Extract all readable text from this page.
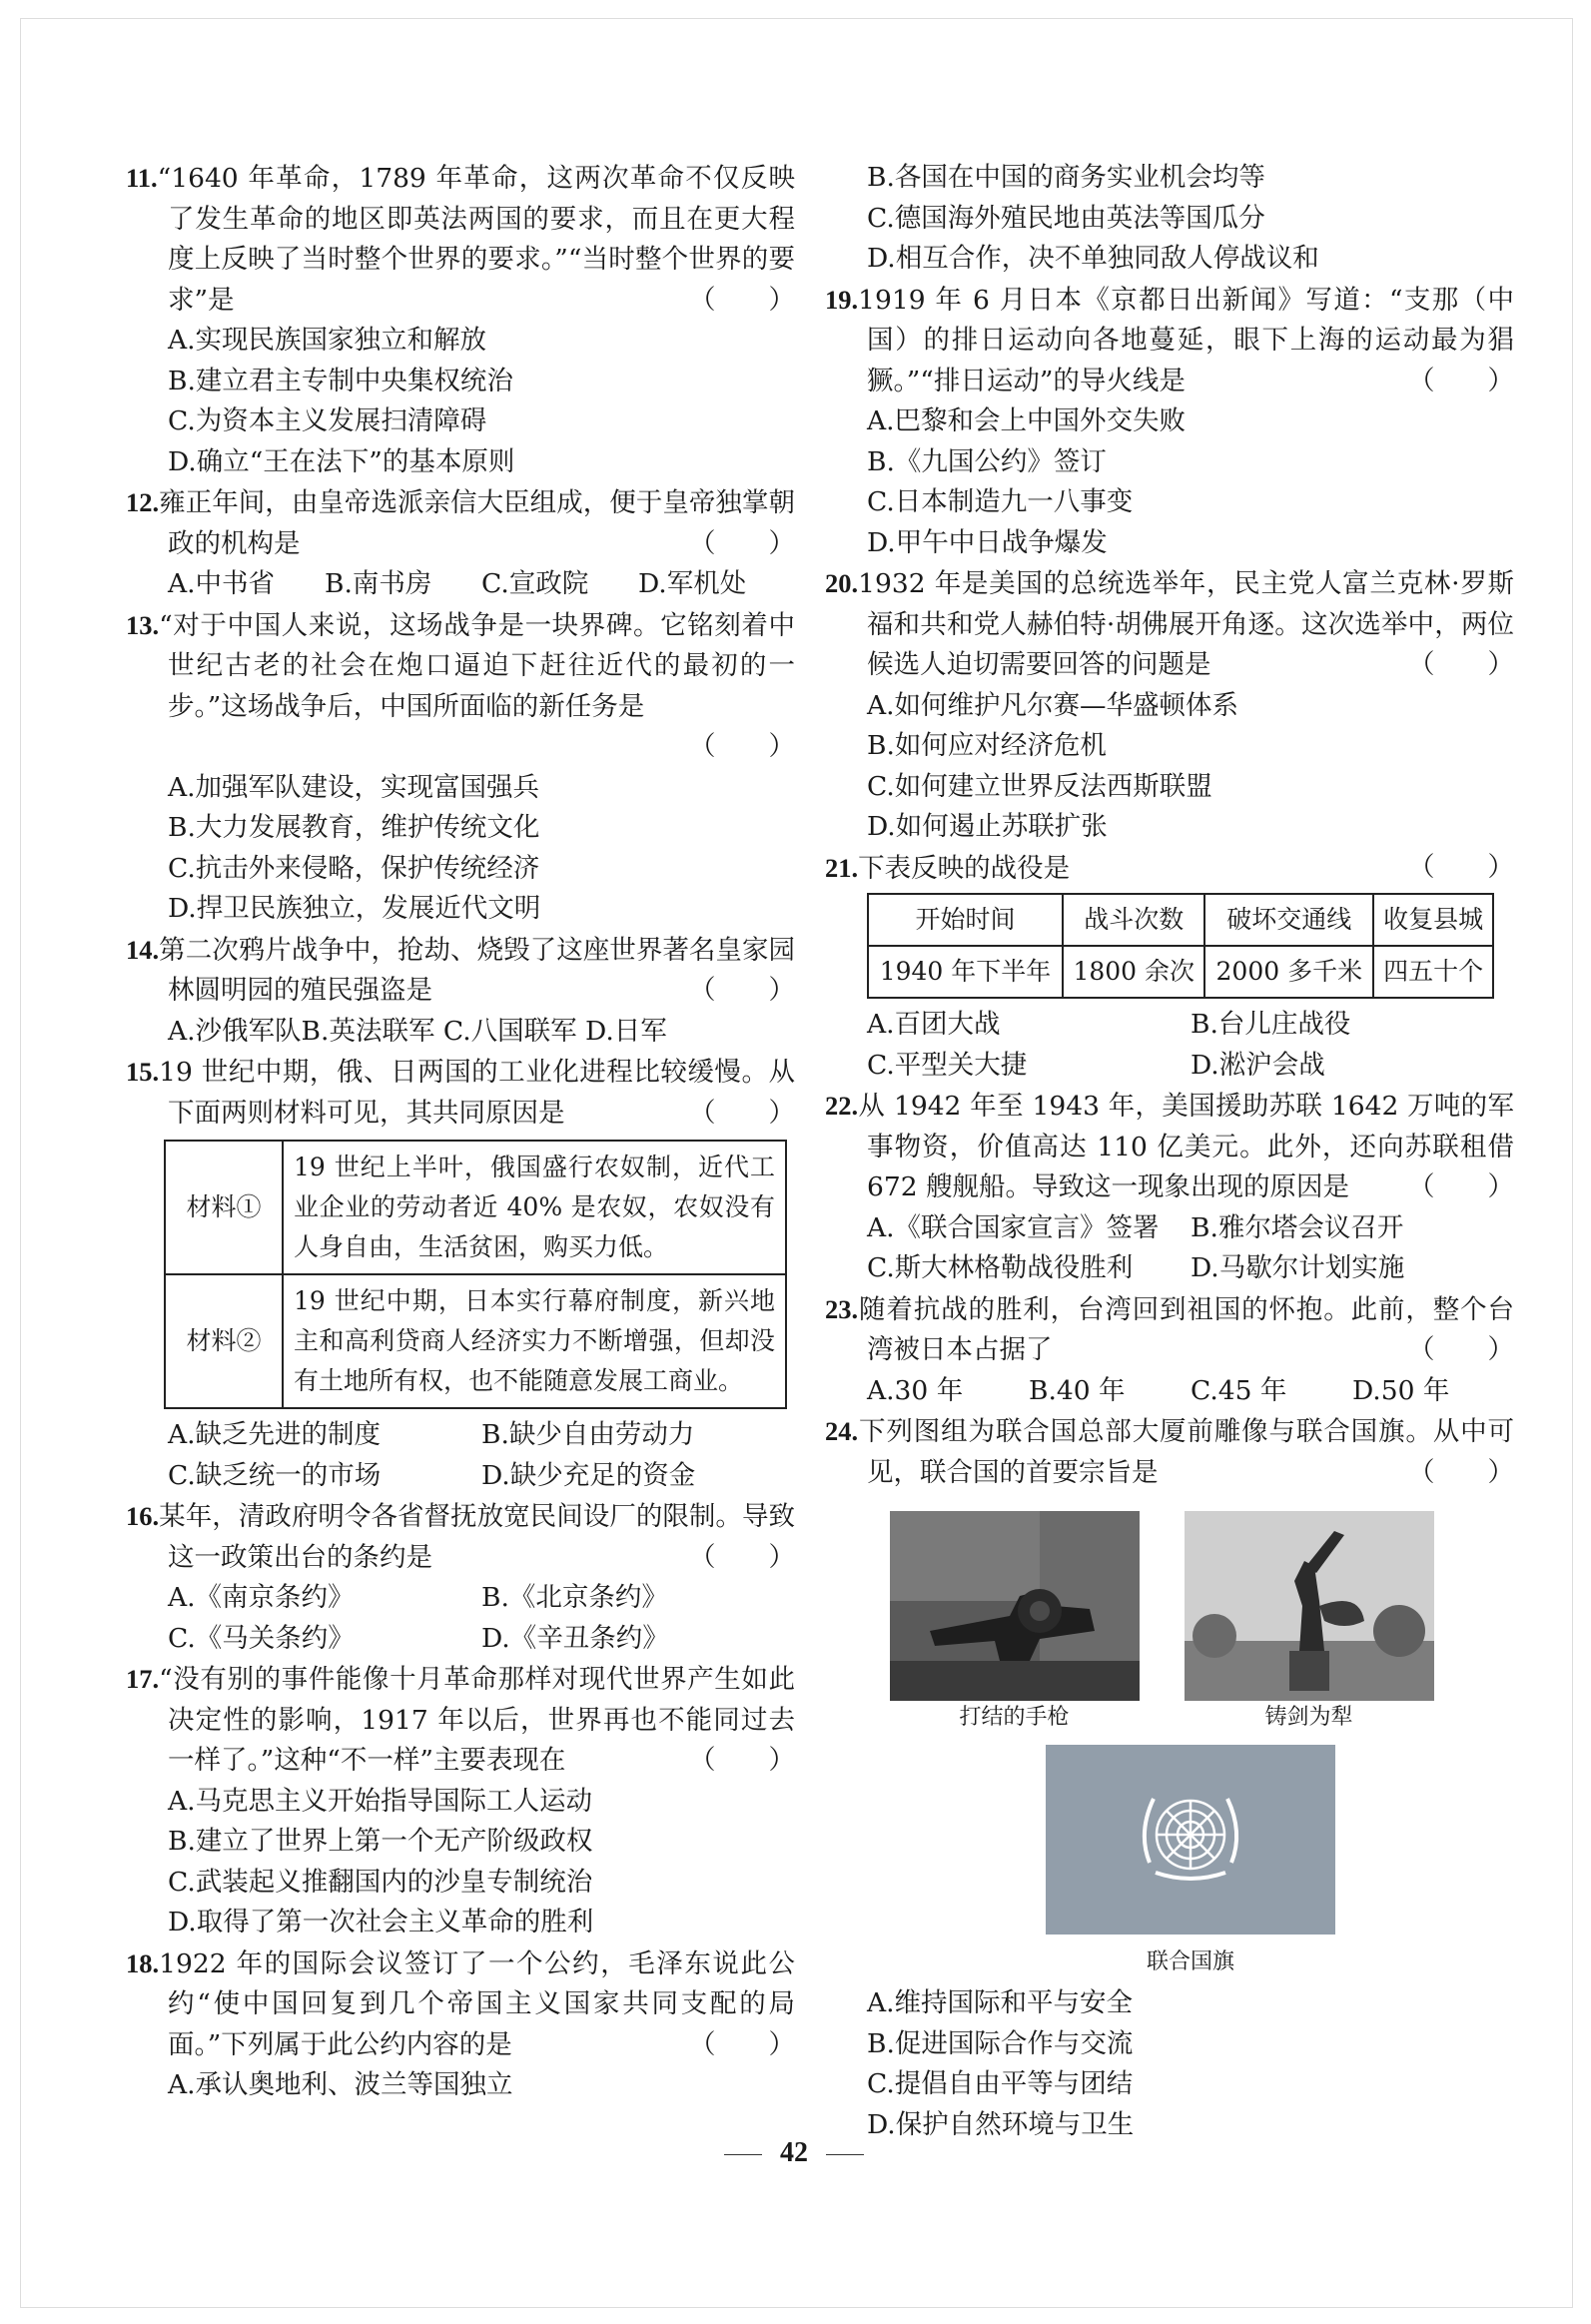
11.“1640 年革命，1789 年革命，这两次革命不仅反映了发生革命的地区即英法两国的要求，而且在更大程度上反映了当时整个世界的要求。”“当时整个世界的要求”是	（　　）

A.实现民族国家独立和解放

B.建立君主专制中央集权统治

C.为资本主义发展扫清障碍

D.确立“王在法下”的基本原则

12.雍正年间，由皇帝选派亲信大臣组成，便于皇帝独掌朝政的机构是	（　　）

A.中书省	B.南书房	C.宣政院	D.军机处

13.“对于中国人来说，这场战争是一块界碑。它铭刻着中世纪古老的社会在炮口逼迫下赶往近代的最初的一步。”这场战争后，中国所面临的新任务是

（　　）

A.加强军队建设，实现富国强兵

B.大力发展教育，维护传统文化

C.抗击外来侵略，保护传统经济

D.捍卫民族独立，发展近代文明

14.第二次鸦片战争中，抢劫、烧毁了这座世界著名皇家园林圆明园的殖民强盗是	（　　）

A.沙俄军队B.英法联军 C.八国联军 D.日军

15.19 世纪中期，俄、日两国的工业化进程比较缓慢。从下面两则材料可见，其共同原因是	（　　）

材料①	19 世纪上半叶，俄国盛行农奴制，近代工业企业的劳动者近 40% 是农奴，农奴没有人身自由，生活贫困，购买力低。
材料②	19 世纪中期，日本实行幕府制度，新兴地主和高利贷商人经济实力不断增强，但却没有土地所有权，也不能随意发展工商业。
A.缺乏先进的制度	B.缺少自由劳动力
C.缺乏统一的市场	D.缺少充足的资金

16.某年，清政府明令各省督抚放宽民间设厂的限制。导致这一政策出台的条约是	（　　）

A.《南京条约》	B.《北京条约》
C.《马关条约》	D.《辛丑条约》

17.“没有别的事件能像十月革命那样对现代世界产生如此决定性的影响，1917 年以后，世界再也不能同过去一样了。”这种“不一样”主要表现在	（　　）

A.马克思主义开始指导国际工人运动

B.建立了世界上第一个无产阶级政权

C.武装起义推翻国内的沙皇专制统治

D.取得了第一次社会主义革命的胜利

18.1922 年的国际会议签订了一个公约，毛泽东说此公约“使中国回复到几个帝国主义国家共同支配的局面。”下列属于此公约内容的是	（　　）

A.承认奥地利、波兰等国独立

B.各国在中国的商务实业机会均等

C.德国海外殖民地由英法等国瓜分

D.相互合作，决不单独同敌人停战议和

19.1919 年 6 月日本《京都日出新闻》写道：“支那（中国）的排日运动向各地蔓延，眼下上海的运动最为猖獗。”“排日运动”的导火线是	（　　）

A.巴黎和会上中国外交失败

B.《九国公约》签订

C.日本制造九一八事变

D.甲午中日战争爆发

20.1932 年是美国的总统选举年，民主党人富兰克林·罗斯福和共和党人赫伯特·胡佛展开角逐。这次选举中，两位候选人迫切需要回答的问题是	（　　）

A.如何维护凡尔赛—华盛顿体系

B.如何应对经济危机

C.如何建立世界反法西斯联盟

D.如何遏止苏联扩张

21.下表反映的战役是	（　　）

开始时间	战斗次数	破坏交通线	收复县城
1940 年下半年	1800 余次	2000 多千米	四五十个
A.百团大战	B.台儿庄战役
C.平型关大捷	D.淞沪会战

22.从 1942 年至 1943 年，美国援助苏联 1642 万吨的军事物资，价值高达 110 亿美元。此外，还向苏联租借 672 艘舰船。导致这一现象出现的原因是 （　　）

A.《联合国家宣言》签署	B.雅尔塔会议召开
C.斯大林格勒战役胜利	D.马歇尔计划实施

23.随着抗战的胜利，台湾回到祖国的怀抱。此前，整个台湾被日本占据了	（　　）

A.30 年	B.40 年	C.45 年	D.50 年

24.下列图组为联合国总部大厦前雕像与联合国旗。从中可见，联合国的首要宗旨是	（　　）

打结的手枪	铸剑为犁
联合国旗

A.维持国际和平与安全

B.促进国际合作与交流

C.提倡自由平等与团结

D.保护自然环境与卫生

42
